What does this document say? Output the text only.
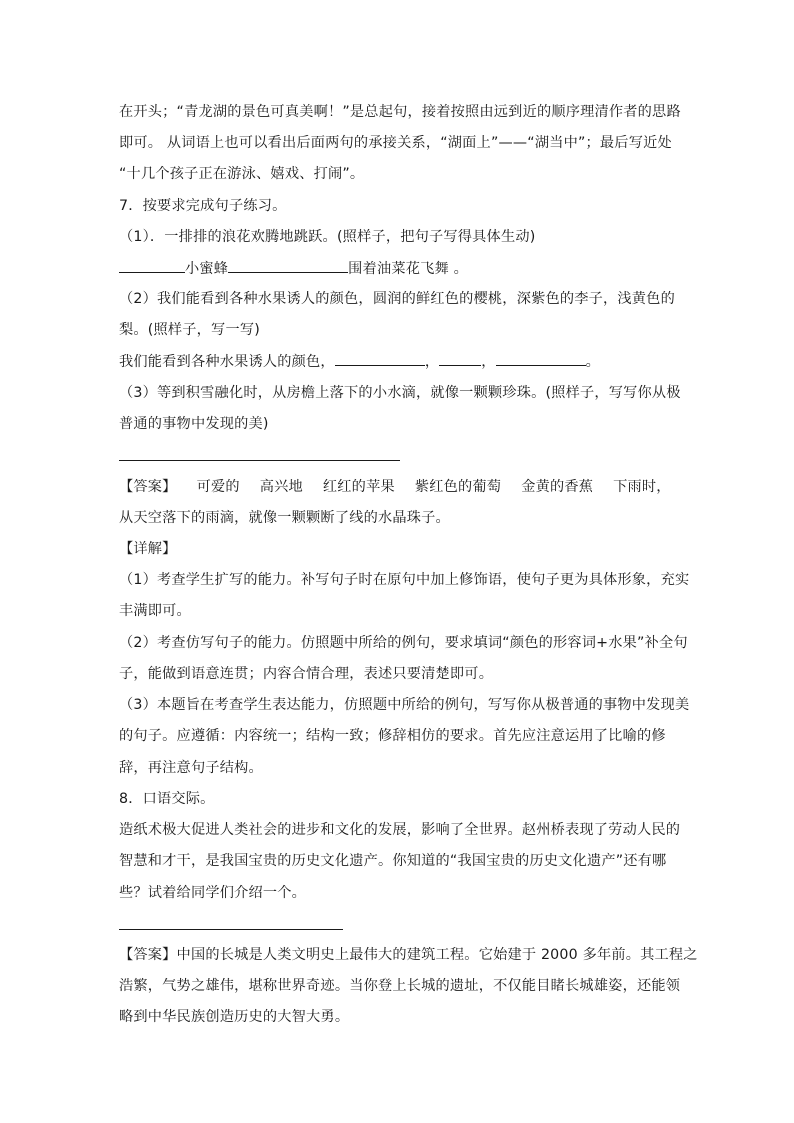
在开头；“青龙湖的景色可真美啊！”是总起句，接着按照由远到近的顺序理清作者的思路
即可。 从词语上也可以看出后面两句的承接关系，“湖面上”——“湖当中”；最后写近处
“十几个孩子正在游泳、嬉戏、打闹”。
7．按要求完成句子练习。
（1）．一排排的浪花欢腾地跳跃。(照样子，把句子写得具体生动)
小蜜蜂	围着油菜花飞舞 。
（2）我们能看到各种水果诱人的颜色，圆润的鲜红色的樱桃，深紫色的李子，浅黄色的
梨。(照样子，写一写)
我们能看到各种水果诱人的颜色，	，	，	。
（3）等到积雪融化时，从房檐上落下的小水滴，就像一颗颗珍珠。(照样子，写写你从极
普通的事物中发现的美)
【答案】 可爱的 高兴地 红红的苹果 紫红色的葡萄 金黄的香蕉 下雨时，
从天空落下的雨滴，就像一颗颗断了线的水晶珠子。
【详解】
（1）考查学生扩写的能力。补写句子时在原句中加上修饰语，使句子更为具体形象，充实
丰满即可。
（2）考查仿写句子的能力。仿照题中所给的例句，要求填词“颜色的形容词+水果”补全句
子，能做到语意连贯；内容合情合理，表述只要清楚即可。
（3）本题旨在考查学生表达能力，仿照题中所给的例句，写写你从极普通的事物中发现美
的句子。应遵循：内容统一；结构一致；修辞相仿的要求。首先应注意运用了比喻的修
辞，再注意句子结构。
8．口语交际。
造纸术极大促进人类社会的进步和文化的发展，影响了全世界。赵州桥表现了劳动人民的
智慧和才干，是我国宝贵的历史文化遗产。你知道的“我国宝贵的历史文化遗产”还有哪
些？试着给同学们介绍一个。
【答案】中国的长城是人类文明史上最伟大的建筑工程。它始建于 2000 多年前。其工程之
浩繁，气势之雄伟，堪称世界奇迹。当你登上长城的遗址，不仅能目睹长城雄姿，还能领
略到中华民族创造历史的大智大勇。
